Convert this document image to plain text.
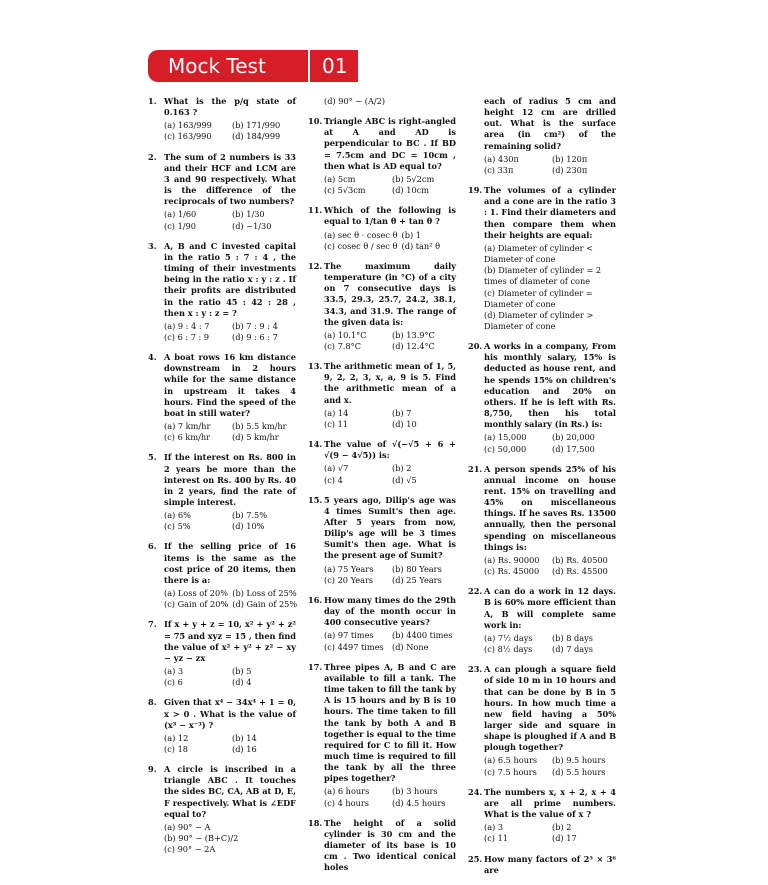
Mock Test	01
1. What is the p/q state of 0.163 ?
(a) 163/999	(b) 171/990
(c) 163/990	(d) 184/999
2. The sum of 2 numbers is 33 and their HCF and LCM are 3 and 90 respectively. What is the difference of the reciprocals of two numbers?
(a) 1/60	(b) 1/30
(c) 1/90	(d) −1/30
3. A, B and C invested capital in the ratio 5 : 7 : 4 , the timing of their investments being in the ratio x : y : z . If their profits are distributed in the ratio 45 : 42 : 28 , then x : y : z = ?
(a) 9 : 4 : 7	(b) 7 : 9 : 4
(c) 6 : 7 : 9	(d) 9 : 6 : 7
4. A boat rows 16 km distance downstream in 2 hours while for the same distance in upstream it takes 4 hours. Find the speed of the boat in still water?
(a) 7 km/hr	(b) 5.5 km/hr
(c) 6 km/hr	(d) 5 km/hr
5. If the interest on Rs. 800 in 2 years be more than the interest on Rs. 400 by Rs. 40 in 2 years, find the rate of simple interest.
(a) 6%	(b) 7.5%
(c) 5%	(d) 10%
6. If the selling price of 16 items is the same as the cost price of 20 items, then there is a:
(a) Loss of 20% (b) Loss of 25%
(c) Gain of 20% (d) Gain of 25%
7. If x + y + z = 10, x² + y² + z² = 75 and xyz = 15 , then find the value of x² + y² + z² − xy − yz − zx
(a) 3	(b) 5
(c) 6	(d) 4
8. Given that x⁴ − 34x⁴ + 1 = 0, x > 0 . What is the value of (x³ − x⁻³) ?
(a) 12	(b) 14
(c) 18	(d) 16
9. A circle is inscribed in a triangle ABC . It touches the sides BC, CA, AB at D, E, F respectively. What is ∠EDF equal to?
(a) 90° − A
(b) 90° − (B+C)/2
(c) 90° − 2A
(d) 90° − (A/2)
10. Triangle ABC is right-angled at A and AD is perpendicular to BC . If BD = 7.5cm and DC = 10cm , then what is AD equal to?
(a) 5cm	(b) 5√2cm
(c) 5√3cm	(d) 10cm
11. Which of the following is equal to 1/tan θ + tan θ ?
(a) sec θ · cosec θ (b) 1
(c) cosec θ / sec θ (d) tan² θ
12. The maximum daily temperature (in °C) of a city on 7 consecutive days is 33.5, 29.3, 25.7, 24.2, 38.1, 34.3, and 31.9. The range of the given data is:
(a) 10.1°C	(b) 13.9°C
(c) 7.8°C	(d) 12.4°C
13. The arithmetic mean of 1, 5, 9, 2, 2, 3, x, a, 9 is 5. Find the arithmetic mean of a and x.
(a) 14	(b) 7
(c) 11	(d) 10
14. The value of √(−√5 + 6 + √(9 − 4√5)) is:
(a) √7	(b) 2
(c) 4	(d) √5
15. 5 years ago, Dilip's age was 4 times Sumit's then age. After 5 years from now, Dilip's age will be 3 times Sumit's then age. What is the present age of Sumit?
(a) 75 Years	(b) 80 Years
(c) 20 Years	(d) 25 Years
16. How many times do the 29th day of the month occur in 400 consecutive years?
(a) 97 times	(b) 4400 times
(c) 4497 times	(d) None
17. Three pipes A, B and C are available to fill a tank. The time taken to fill the tank by A is 15 hours and by B is 10 hours. The time taken to fill the tank by both A and B together is equal to the time required for C to fill it. How much time is required to fill the tank by all the three pipes together?
(a) 6 hours	(b) 3 hours
(c) 4 hours	(d) 4.5 hours
18. The height of a solid cylinder is 30 cm and the diameter of its base is 10 cm . Two identical conical holes
each of radius 5 cm and height 12 cm are drilled out. What is the surface area (in cm²) of the remaining solid?
(a) 430π	(b) 120π
(c) 33π	(d) 230π
19. The volumes of a cylinder and a cone are in the ratio 3 : 1. Find their diameters and then compare them when their heights are equal:
(a) Diameter of cylinder < Diameter of cone
(b) Diameter of cylinder = 2 times of diameter of cone
(c) Diameter of cylinder = Diameter of cone
(d) Diameter of cylinder > Diameter of cone
20. A works in a company, From his monthly salary, 15% is deducted as house rent, and he spends 15% on children's education and 20% on others. If he is left with Rs. 8,750, then his total monthly salary (in Rs.) is:
(a) 15,000	(b) 20,000
(c) 50,000	(d) 17,500
21. A person spends 25% of his annual income on house rent. 15% on travelling and 45% on miscellaneous things. If he saves Rs. 13500 annually, then the personal spending on miscellaneous things is:
(a) Rs. 90000	(b) Rs. 40500
(c) Rs. 45000	(d) Rs. 45500
22. A can do a work in 12 days. B is 60% more efficient than A, B will complete same work in:
(a) 7½ days	(b) 8 days
(c) 8½ days	(d) 7 days
23. A can plough a square field of side 10 m in 10 hours and that can be done by B in 5 hours. In how much time a new field having a 50% larger side and square in shape is ploughed if A and B plough together?
(a) 6.5 hours	(b) 9.5 hours
(c) 7.5 hours	(d) 5.5 hours
24. The numbers x, x + 2, x + 4 are all prime numbers. What is the value of x ?
(a) 3	(b) 2
(c) 11	(d) 17
25. How many factors of 2⁵ × 3⁶ are
